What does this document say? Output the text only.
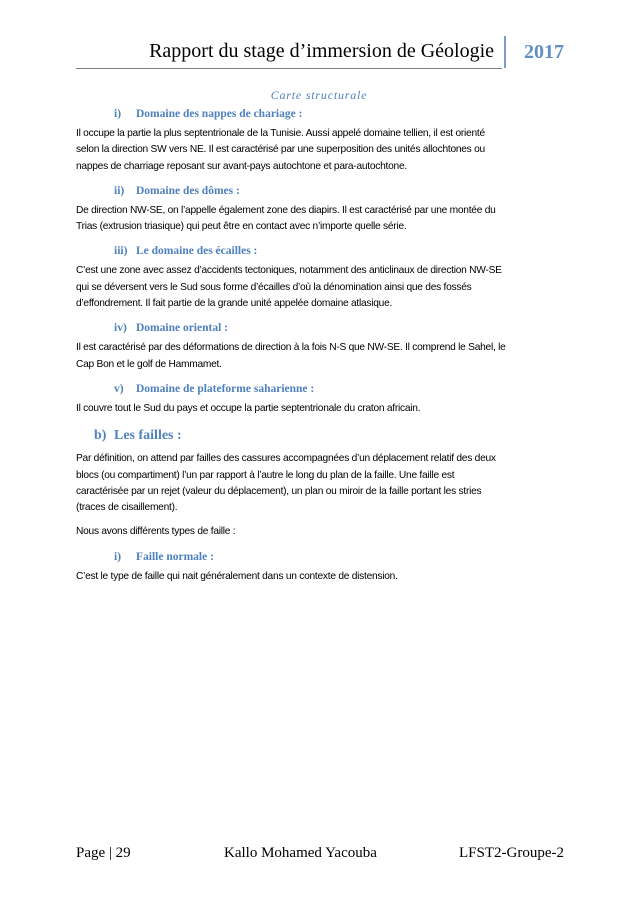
Rapport du stage d’immersion de Géologie	2017
Carte structurale
i) Domaine des nappes de chariage :
Il occupe la partie la plus septentrionale de la Tunisie. Aussi appelé domaine tellien, il est orienté
selon la direction SW vers NE. Il est caractérisé par une superposition des unités allochtones ou
nappes de charriage reposant sur avant-pays autochtone et para-autochtone.
ii) Domaine des dômes :
De direction NW-SE, on l’appelle également zone des diapirs. Il est caractérisé par une montée du
Trias (extrusion triasique) qui peut être en contact avec n’importe quelle série.
iii) Le domaine des écailles :
C’est une zone avec assez d’accidents tectoniques, notamment des anticlinaux de direction NW-SE
qui se déversent vers le Sud sous forme d’écailles d’où la dénomination ainsi que des fossés
d’effondrement. Il fait partie de la grande unité appelée domaine atlasique.
iv) Domaine oriental :
Il est caractérisé par des déformations de direction à la fois N-S que NW-SE. Il comprend le Sahel, le
Cap Bon et le golf de Hammamet.
v) Domaine de plateforme saharienne :
Il couvre tout le Sud du pays et occupe la partie septentrionale du craton africain.
b) Les failles :
Par définition, on attend par failles des cassures accompagnées d’un déplacement relatif des deux
blocs (ou compartiment) l’un par rapport à l’autre le long du plan de la faille. Une faille est
caractérisée par un rejet (valeur du déplacement), un plan ou miroir de la faille portant les stries
(traces de cisaillement).
Nous avons différents types de faille :
i) Faille normale :
C’est le type de faille qui nait généralement dans un contexte de distension.
Page | 29	Kallo Mohamed Yacouba	LFST2-Groupe-2
